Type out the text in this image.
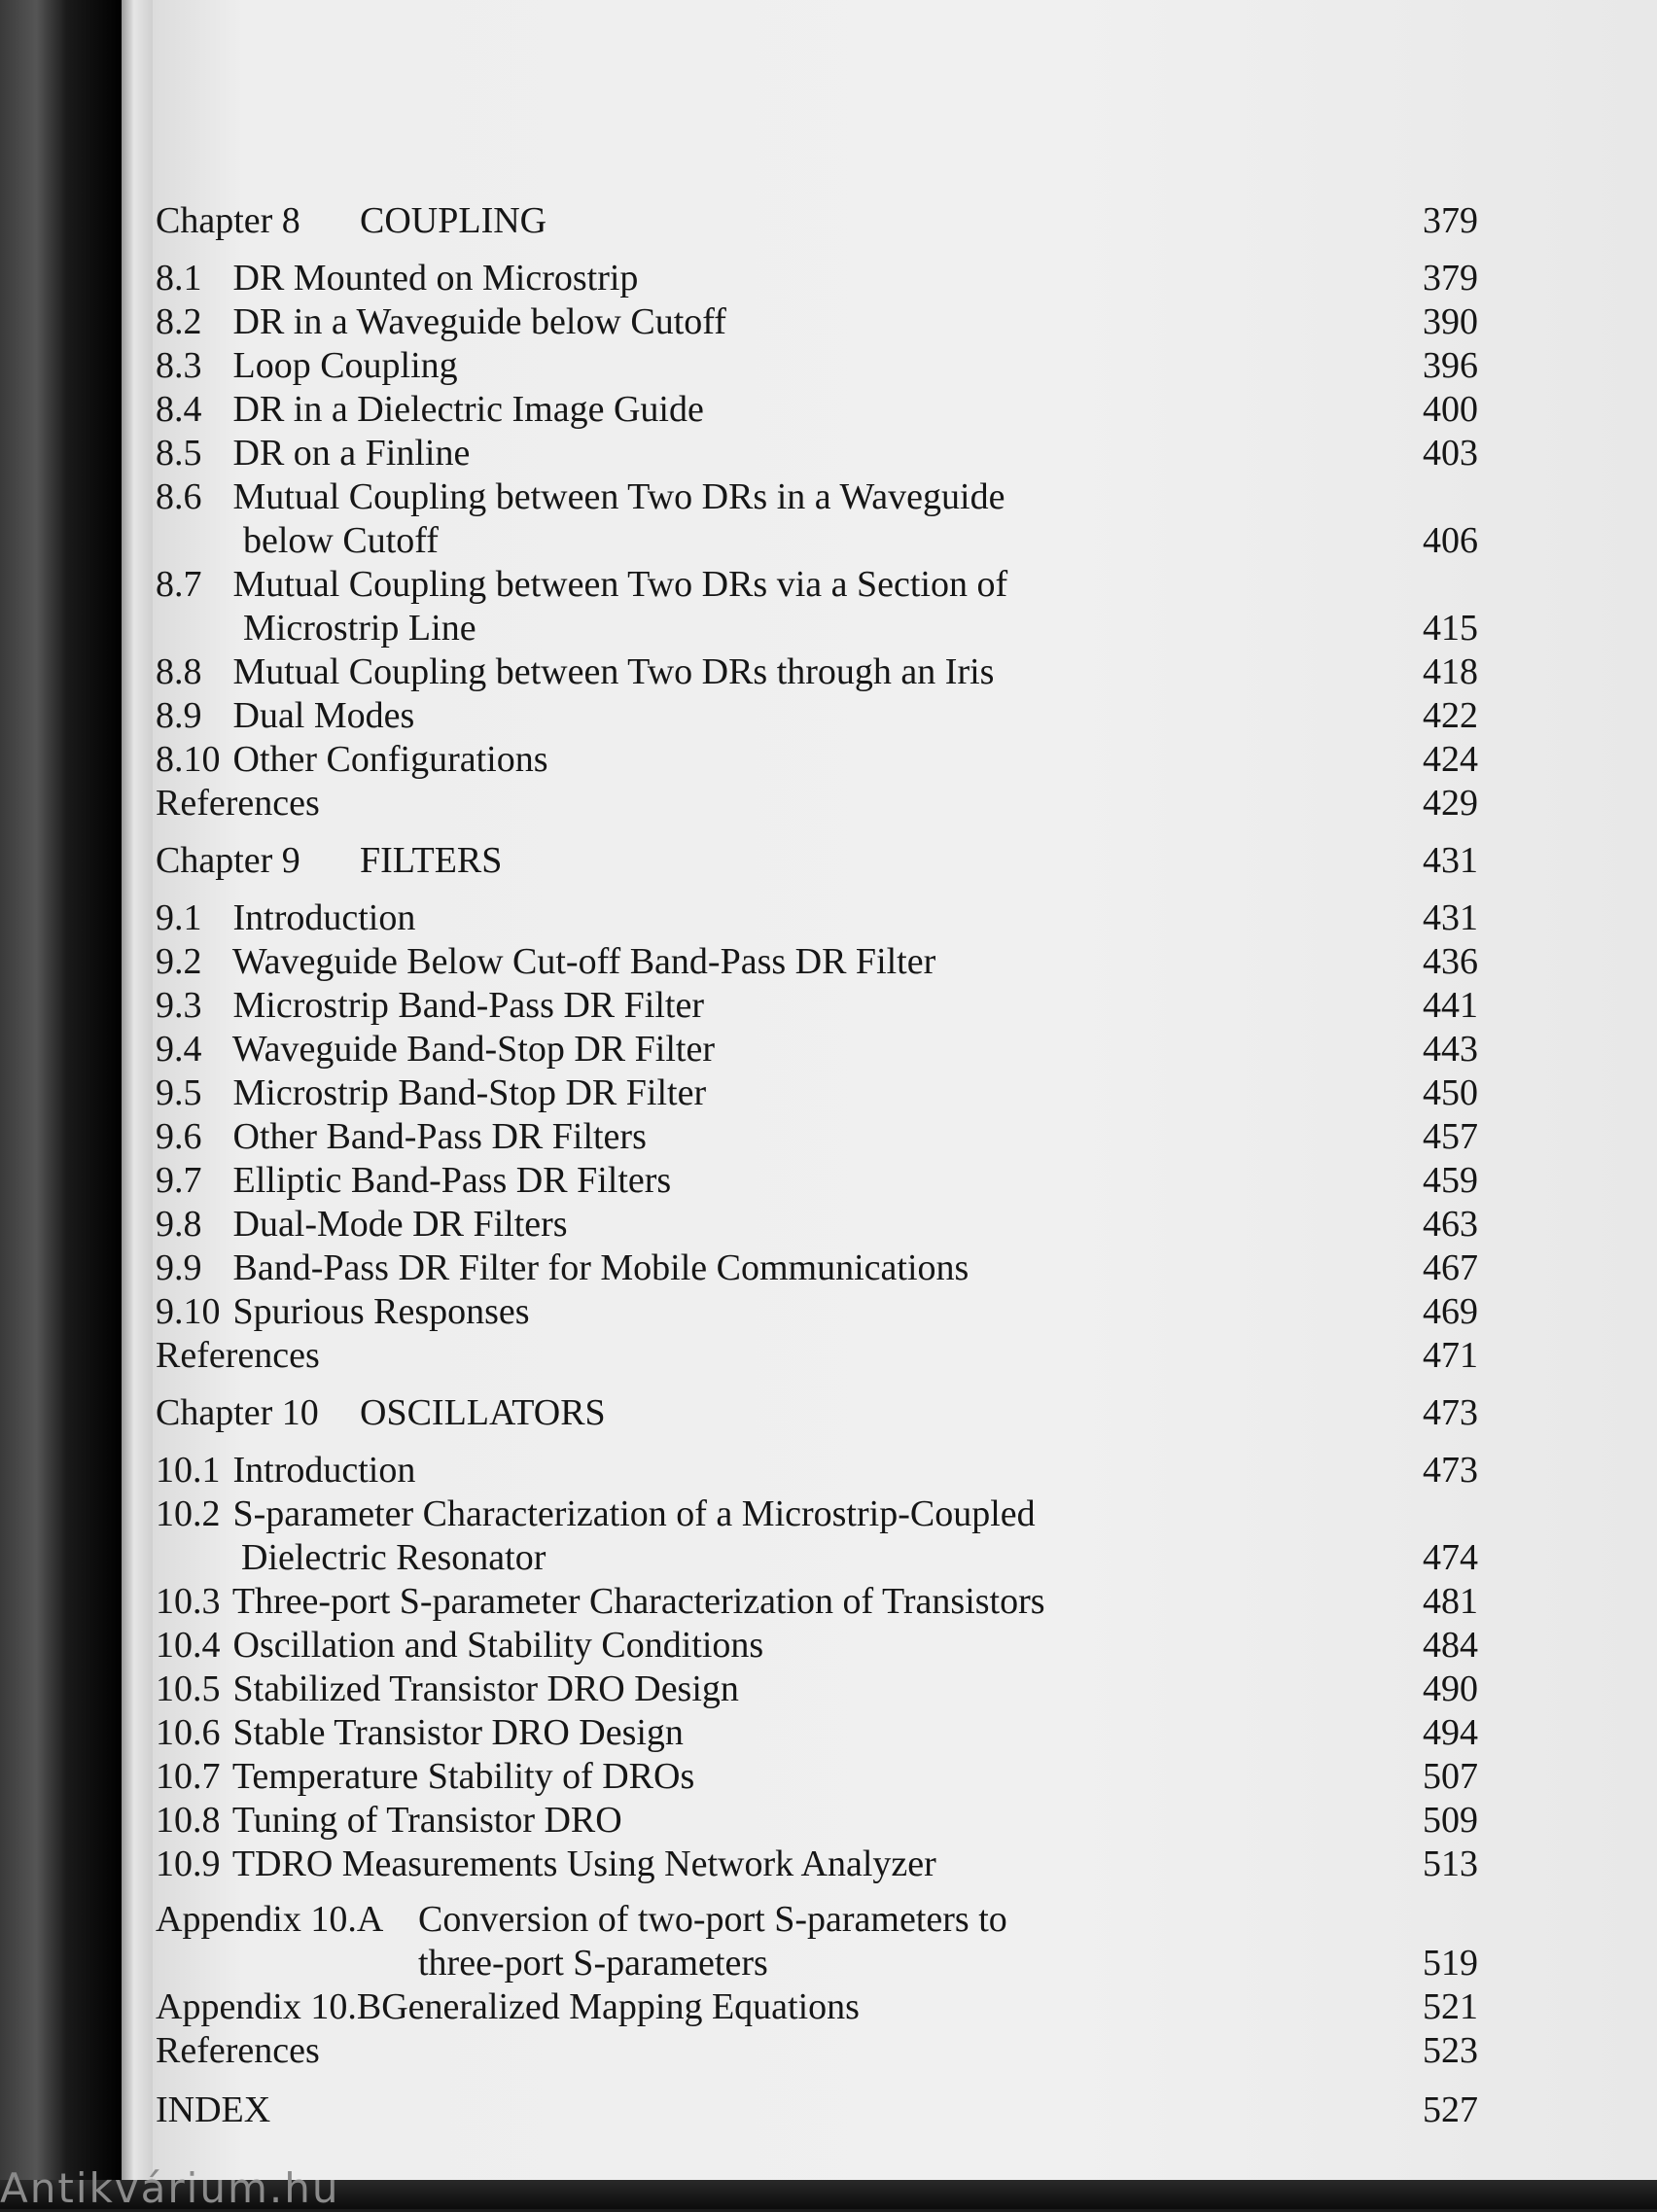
Chapter 8 COUPLING	379
8.1 DR Mounted on Microstrip	379
8.2 DR in a Waveguide below Cutoff	390
8.3 Loop Coupling	396
8.4 DR in a Dielectric Image Guide	400
8.5 DR on a Finline	403
8.6 Mutual Coupling between Two DRs in a Waveguide
below Cutoff	406
8.7 Mutual Coupling between Two DRs via a Section of
Microstrip Line	415
8.8 Mutual Coupling between Two DRs through an Iris	418
8.9 Dual Modes	422
8.10 Other Configurations	424
References	429
Chapter 9 FILTERS	431
9.1 Introduction	431
9.2 Waveguide Below Cut-off Band-Pass DR Filter	436
9.3 Microstrip Band-Pass DR Filter	441
9.4 Waveguide Band-Stop DR Filter	443
9.5 Microstrip Band-Stop DR Filter	450
9.6 Other Band-Pass DR Filters	457
9.7 Elliptic Band-Pass DR Filters	459
9.8 Dual-Mode DR Filters	463
9.9 Band-Pass DR Filter for Mobile Communications	467
9.10 Spurious Responses	469
References	471
Chapter 10 OSCILLATORS	473
10.1 Introduction	473
10.2 S-parameter Characterization of a Microstrip-Coupled
Dielectric Resonator	474
10.3 Three-port S-parameter Characterization of Transistors	481
10.4 Oscillation and Stability Conditions	484
10.5 Stabilized Transistor DRO Design	490
10.6 Stable Transistor DRO Design	494
10.7 Temperature Stability of DROs	507
10.8 Tuning of Transistor DRO	509
10.9 TDRO Measurements Using Network Analyzer	513
Appendix 10.A Conversion of two-port S-parameters to
three-port S-parameters	519
Appendix 10.BGeneralized Mapping Equations	521
References	523
INDEX	527
Antikvárium.hu
